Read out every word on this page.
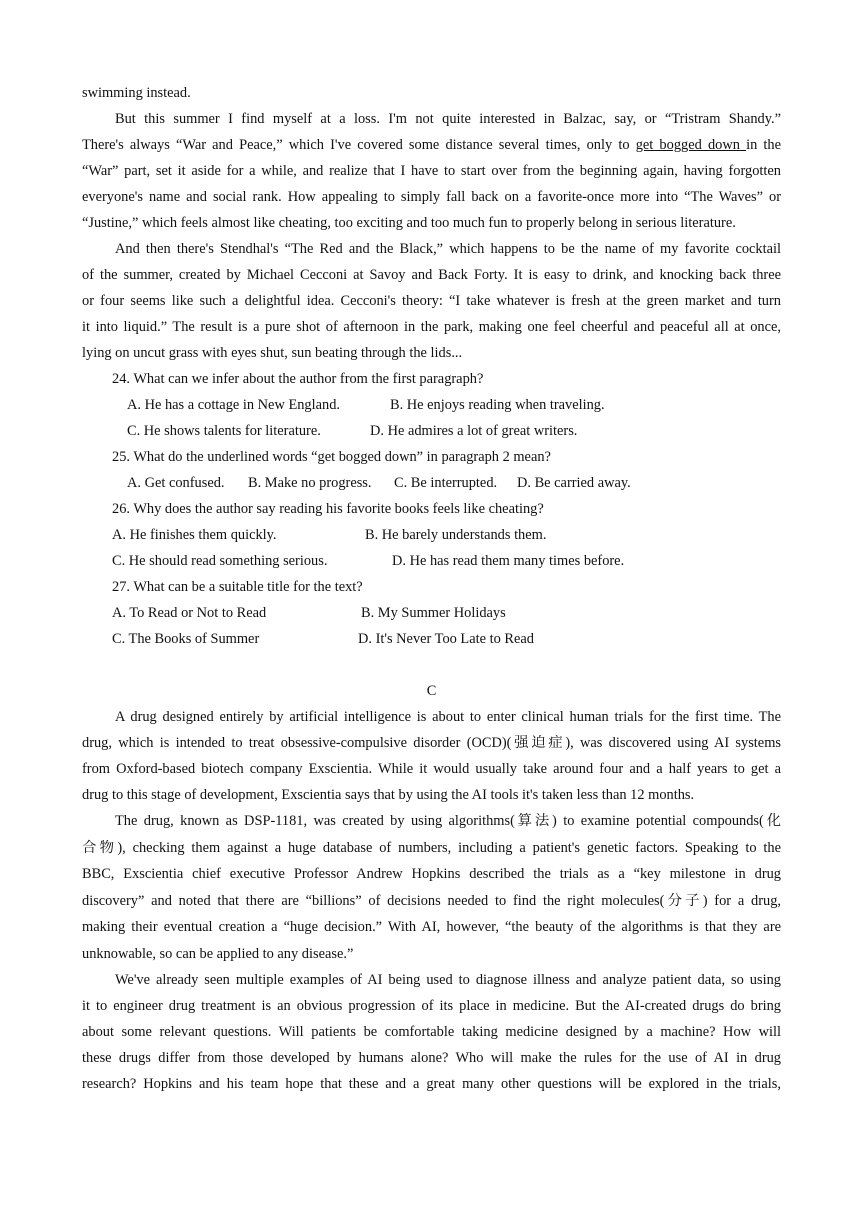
swimming instead.
But this summer I find myself at a loss. I'm not quite interested in Balzac, say, or “Tristram Shandy.”
There's always “War and Peace,” which I've covered some distance several times, only to get bogged down in the
“War” part, set it aside for a while, and realize that I have to start over from the beginning again, having forgotten
everyone's name and social rank. How appealing to simply fall back on a favorite-once more into “The Waves” or
“Justine,” which feels almost like cheating, too exciting and too much fun to properly belong in serious literature.
And then there's Stendhal's “The Red and the Black,” which happens to be the name of my favorite cocktail
of the summer, created by Michael Cecconi at Savoy and Back Forty. It is easy to drink, and knocking back three
or four seems like such a delightful idea. Cecconi's theory: “I take whatever is fresh at the green market and turn
it into liquid.” The result is a pure shot of afternoon in the park, making one feel cheerful and peaceful all at once,
lying on uncut grass with eyes shut, sun beating through the lids...
24. What can we infer about the author from the first paragraph?
A. He has a cottage in New England.	B. He enjoys reading when traveling.
C. He shows talents for literature.	D. He admires a lot of great writers.
25. What do the underlined words “get bogged down” in paragraph 2 mean?
A. Get confused. B. Make no progress. C. Be interrupted. D. Be carried away.
26. Why does the author say reading his favorite books feels like cheating?
A. He finishes them quickly.	B. He barely understands them.
C. He should read something serious.	D. He has read them many times before.
27. What can be a suitable title for the text?
A. To Read or Not to Read	B. My Summer Holidays
C. The Books of Summer	D. It's Never Too Late to Read
C
A drug designed entirely by artificial intelligence is about to enter clinical human trials for the first time. The
drug, which is intended to treat obsessive-compulsive disorder (OCD)(强迫症), was discovered using AI systems
from Oxford-based biotech company Exscientia. While it would usually take around four and a half years to get a
drug to this stage of development, Exscientia says that by using the AI tools it's taken less than 12 months.
The drug, known as DSP-1181, was created by using algorithms(算法) to examine potential compounds(化
合物), checking them against a huge database of numbers, including a patient's genetic factors. Speaking to the
BBC, Exscientia chief executive Professor Andrew Hopkins described the trials as a “key milestone in drug
discovery” and noted that there are “billions” of decisions needed to find the right molecules(分子) for a drug,
making their eventual creation a “huge decision.” With AI, however, “the beauty of the algorithms is that they are
unknowable, so can be applied to any disease.”
We've already seen multiple examples of AI being used to diagnose illness and analyze patient data, so using
it to engineer drug treatment is an obvious progression of its place in medicine. But the AI-created drugs do bring
about some relevant questions. Will patients be comfortable taking medicine designed by a machine? How will
these drugs differ from those developed by humans alone? Who will make the rules for the use of AI in drug
research? Hopkins and his team hope that these and a great many other questions will be explored in the trials,
